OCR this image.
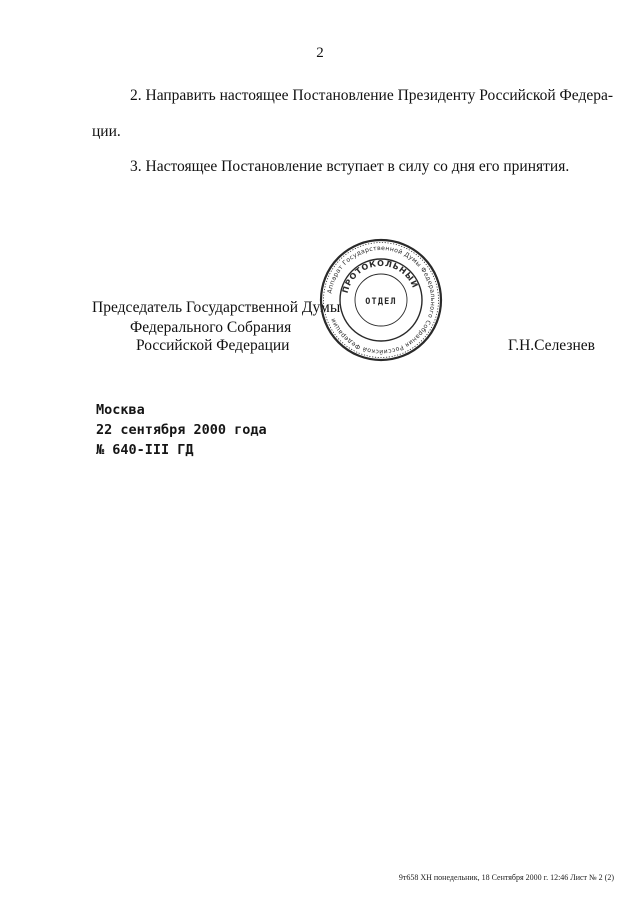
2
2. Направить настоящее Постановление Президенту Российской Федера-
ции.
3. Настоящее Постановление вступает в силу со дня его принятия.
Председатель Государственной Думы
Федерального Собрания
Российской Федерации
Аппарат Государственной Думы Федерального Собрания Российской Федерации
ПРОТОКОЛЬНЫЙ
ОТДЕЛ
Г.Н.Селезнев
Москва
22 сентября 2000 года
№ 640-III ГД
9т658 ХН понедельник, 18 Сентября 2000 г. 12:46 Лист № 2 (2)
